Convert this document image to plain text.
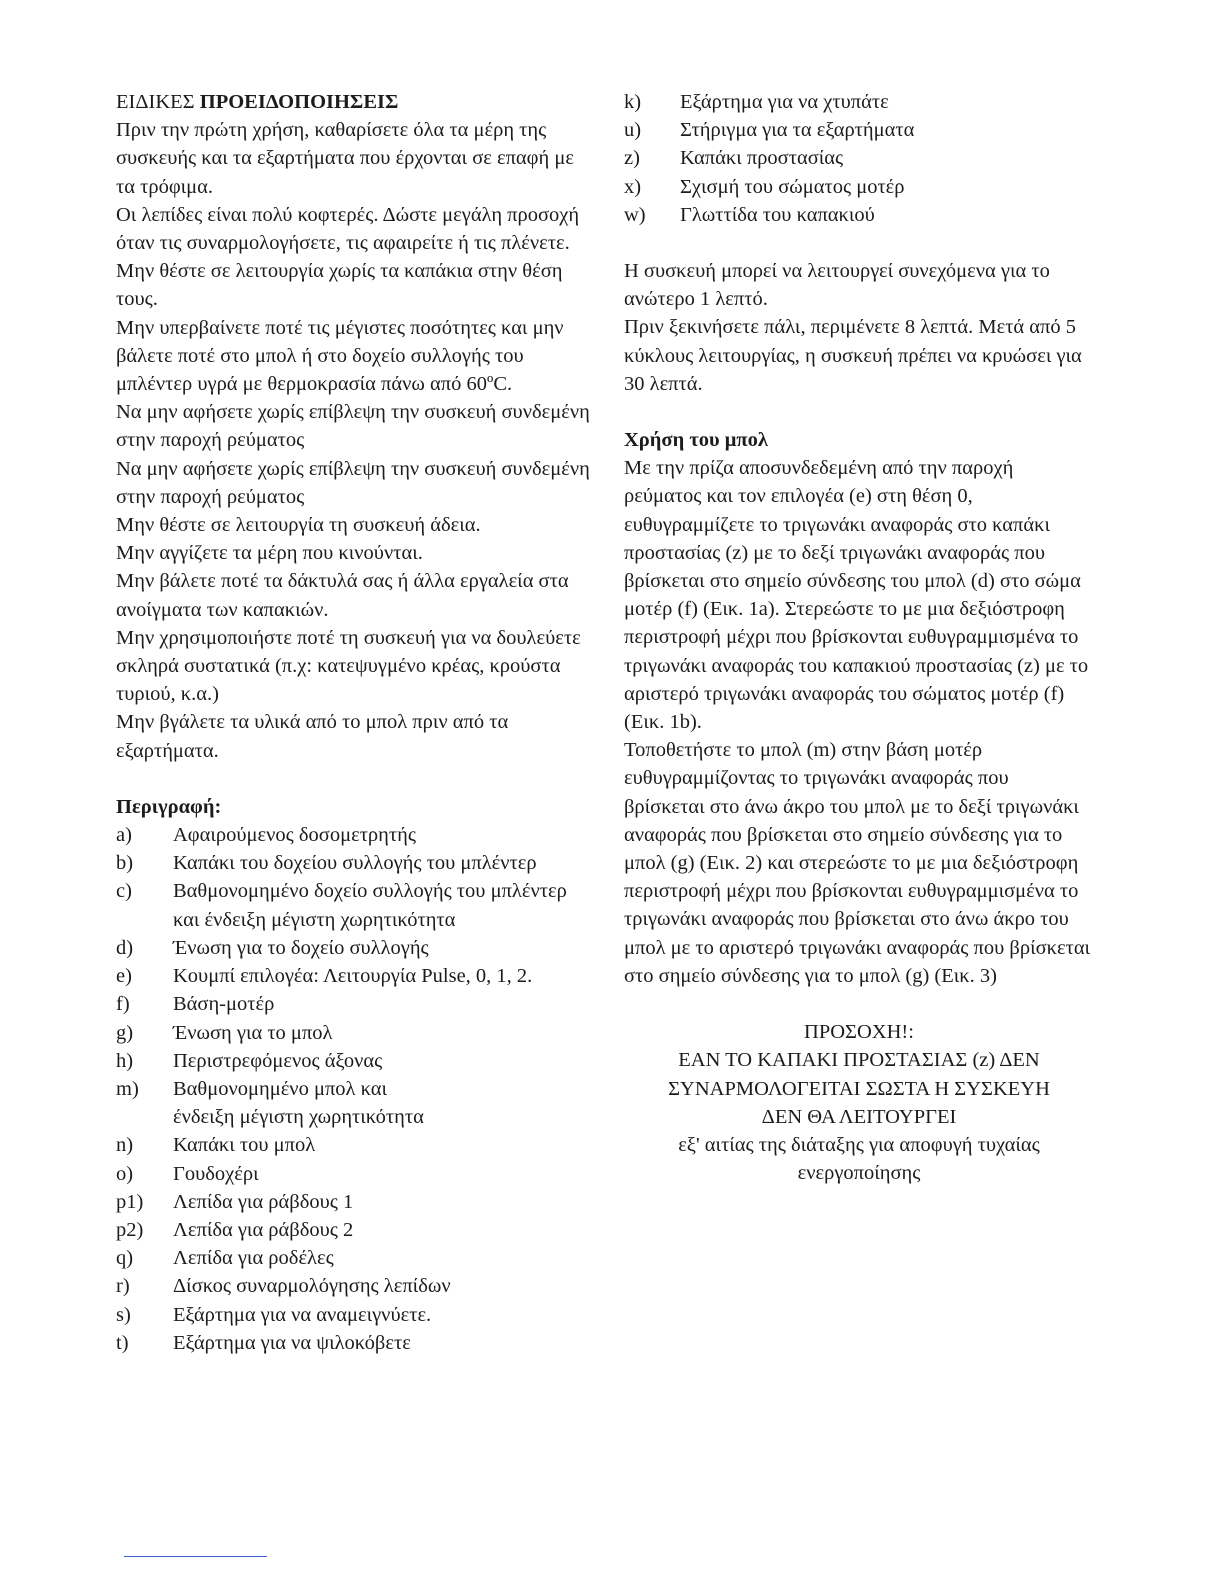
ΕΙΔΙΚΕΣ ΠΡΟΕΙΔΟΠΟΙΗΣΕΙΣ

Πριν την πρώτη χρήση, καθαρίσετε όλα τα μέρη της συσκευής και τα εξαρτήματα που έρχονται σε επαφή με τα τρόφιμα.

Οι λεπίδες είναι πολύ κοφτερές. Δώστε μεγάλη προσοχή όταν τις συναρμολογήσετε, τις αφαιρείτε ή τις πλένετε.

Μην θέστε σε λειτουργία χωρίς τα καπάκια στην θέση τους.

Μην υπερβαίνετε ποτέ τις μέγιστες ποσότητες και μην βάλετε ποτέ στο μπολ ή στο δοχείο συλλογής του μπλέντερ υγρά με θερμοκρασία πάνω από 60ºC.

Να μην αφήσετε χωρίς επίβλεψη την συσκευή συνδεμένη στην παροχή ρεύματος

Να μην αφήσετε χωρίς επίβλεψη την συσκευή συνδεμένη στην παροχή ρεύματος

Μην θέστε σε λειτουργία τη συσκευή άδεια.

Μην αγγίζετε τα μέρη που κινούνται.

Μην βάλετε ποτέ τα δάκτυλά σας ή άλλα εργαλεία στα ανοίγματα των καπακιών.

Μην χρησιμοποιήστε ποτέ τη συσκευή για να δουλεύετε σκληρά συστατικά (π.χ: κατεψυγμένο κρέας, κρούστα τυριού, κ.α.)

Μην βγάλετε τα υλικά από το μπολ πριν από τα εξαρτήματα.

Περιγραφή:

a)	Αφαιρούμενος δοσομετρητής
b)	Καπάκι του δοχείου συλλογής του μπλέντερ
c)	Βαθμονομημένο δοχείο συλλογής του μπλέντερ
και ένδειξη μέγιστη χωρητικότητα
d)	Ένωση για το δοχείο συλλογής
e)	Κουμπί επιλογέα: Λειτουργία Pulse, 0, 1, 2.
f)	Βάση-μοτέρ
g)	Ένωση για το μπολ
h)	Περιστρεφόμενος άξονας
m)	Βαθμονομημένο μπολ και
ένδειξη μέγιστη χωρητικότητα
n)	Καπάκι του μπολ
o)	Γουδοχέρι
p1)	Λεπίδα για ράβδους 1
p2)	Λεπίδα για ράβδους 2
q)	Λεπίδα για ροδέλες
r)	Δίσκος συναρμολόγησης λεπίδων
s)	Εξάρτημα για να αναμειγνύετε.
t)	Εξάρτημα για να ψιλοκόβετε
k)	Εξάρτημα για να χτυπάτε
u)	Στήριγμα για τα εξαρτήματα
z)	Καπάκι προστασίας
x)	Σχισμή του σώματος μοτέρ
w)	Γλωττίδα του καπακιού

Η συσκευή μπορεί να λειτουργεί συνεχόμενα για το ανώτερο 1 λεπτό.

Πριν ξεκινήσετε πάλι, περιμένετε 8 λεπτά. Μετά από 5 κύκλους λειτουργίας, η συσκευή πρέπει να κρυώσει για 30 λεπτά.

Χρήση του μπολ

Με την πρίζα αποσυνδεδεμένη από την παροχή ρεύματος και τον επιλογέα (e) στη θέση 0, ευθυγραμμίζετε το τριγωνάκι αναφοράς στο καπάκι προστασίας (z) με το δεξί τριγωνάκι αναφοράς που βρίσκεται στο σημείο σύνδεσης του μπολ (d) στο σώμα μοτέρ (f) (Εικ. 1a). Στερεώστε το με μια δεξιόστροφη περιστροφή μέχρι που βρίσκονται ευθυγραμμισμένα το τριγωνάκι αναφοράς του καπακιού προστασίας (z) με το αριστερό τριγωνάκι αναφοράς του σώματος μοτέρ (f) (Εικ. 1b).

Τοποθετήστε το μπολ (m) στην βάση μοτέρ ευθυγραμμίζοντας το τριγωνάκι αναφοράς που βρίσκεται στο άνω άκρο του μπολ με το δεξί τριγωνάκι αναφοράς που βρίσκεται στο σημείο σύνδεσης για το μπολ (g) (Εικ. 2) και στερεώστε το με μια δεξιόστροφη περιστροφή μέχρι που βρίσκονται ευθυγραμμισμένα το τριγωνάκι αναφοράς που βρίσκεται στο άνω άκρο του μπολ με το αριστερό τριγωνάκι αναφοράς που βρίσκεται στο σημείο σύνδεσης για το μπολ (g) (Εικ. 3)

ΠΡΟΣΟΧΗ!:
ΕΑΝ ΤΟ ΚΑΠΑΚΙ ΠΡΟΣΤΑΣΙΑΣ (z) ΔΕΝ
ΣΥΝΑΡΜΟΛΟΓΕΙΤΑΙ ΣΩΣΤΑ Η ΣΥΣΚΕΥΗ
ΔΕΝ ΘΑ ΛΕΙΤΟΥΡΓΕΙ
εξ' αιτίας της διάταξης για αποφυγή τυχαίας
ενεργοποίησης
